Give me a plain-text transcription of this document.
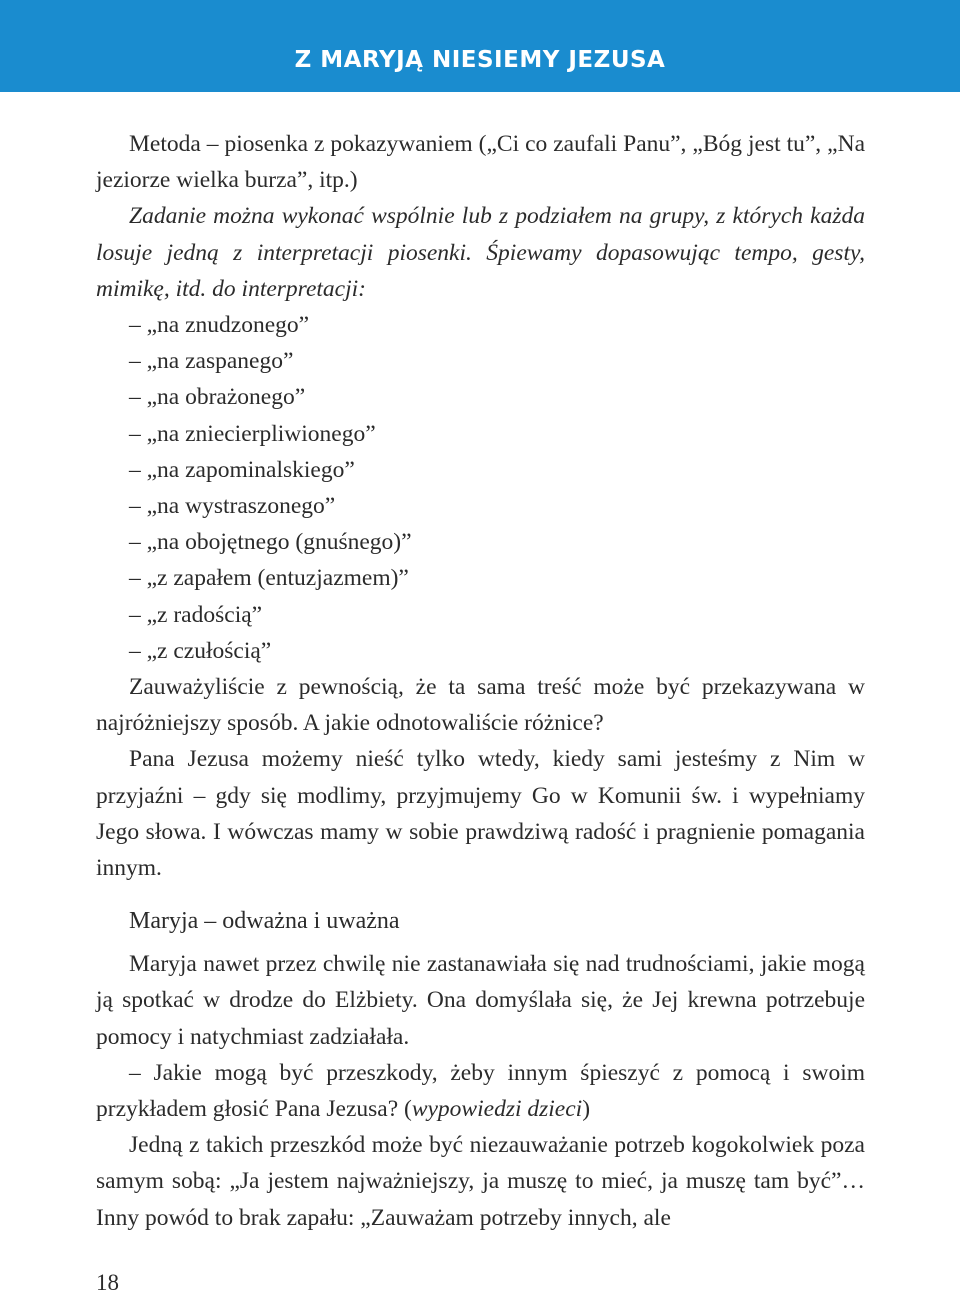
Z MARYJĄ NIESIEMY JEZUSA

Metoda – piosenka z pokazywaniem („Ci co zaufali Panu”, „Bóg jest tu”, „Na jeziorze wielka burza”, itp.)

Zadanie można wykonać wspólnie lub z podziałem na grupy, z których każda losuje jedną z interpretacji piosenki. Śpiewamy dopasowując tempo, gesty, mimikę, itd. do interpretacji:

– „na znudzonego”
– „na zaspanego”
– „na obrażonego”
– „na zniecierpliwionego”
– „na zapominalskiego”
– „na wystraszonego”
– „na obojętnego (gnuśnego)”
– „z zapałem (entuzjazmem)”
– „z radością”
– „z czułością”

Zauważyliście z pewnością, że ta sama treść może być przekazywana w najróżniejszy sposób. A jakie odnotowaliście różnice?

Pana Jezusa możemy nieść tylko wtedy, kiedy sami jesteśmy z Nim w przyjaźni – gdy się modlimy, przyjmujemy Go w Komunii św. i wypełniamy Jego słowa. I wówczas mamy w sobie prawdziwą radość i pragnienie pomagania innym.

Maryja – odważna i uważna

Maryja nawet przez chwilę nie zastanawiała się nad trudnościami, jakie mogą ją spotkać w drodze do Elżbiety. Ona domyślała się, że Jej krewna potrzebuje pomocy i natychmiast zadziałała.

– Jakie mogą być przeszkody, żeby innym śpieszyć z pomocą i swoim przykładem głosić Pana Jezusa? (wypowiedzi dzieci)

Jedną z takich przeszkód może być niezauważanie potrzeb kogokolwiek poza samym sobą: „Ja jestem najważniejszy, ja muszę to mieć, ja muszę tam być”… Inny powód to brak zapału: „Zauważam potrzeby innych, ale

18
